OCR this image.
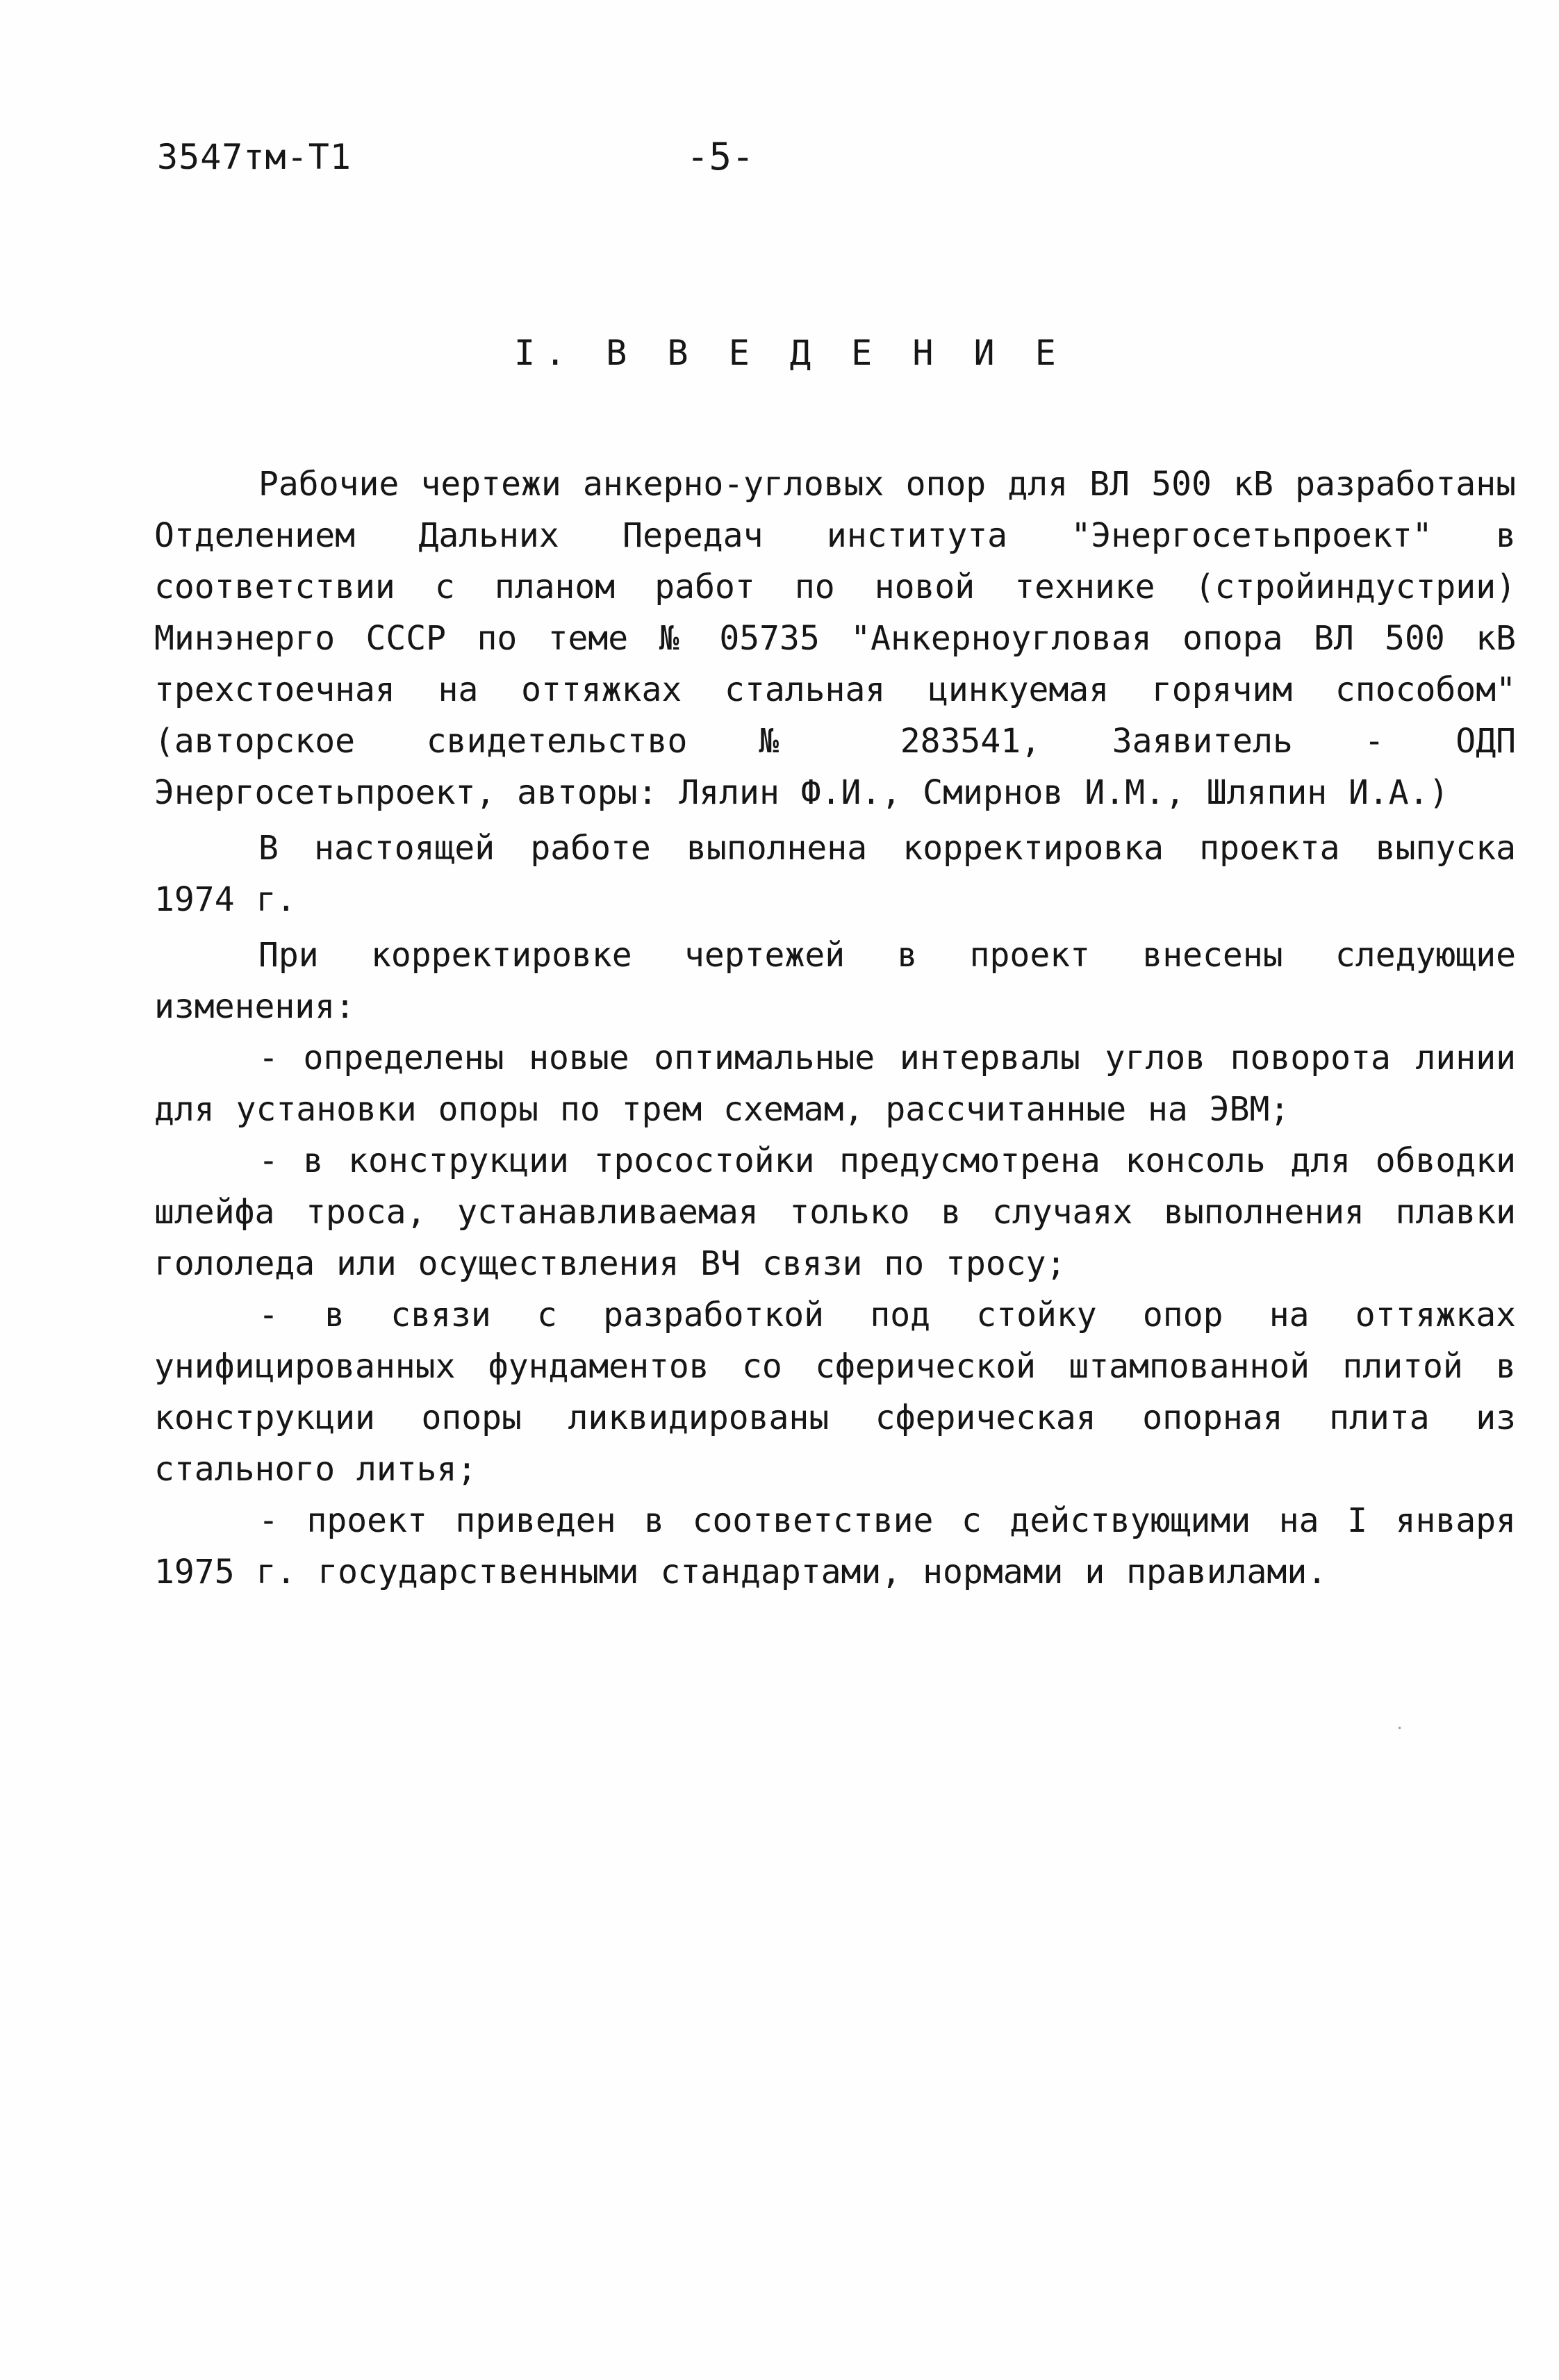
3547тм-Т1	-5-
I. В В Е Д Е Н И Е

Рабочие чертежи анкерно-угловых опор для ВЛ 500 кВ разработаны Отделением Дальних Передач института "Энергосетьпроект" в соответствии с планом работ по новой технике (стройиндустрии) Минэнерго СССР по теме № 05735 "Анкерноугловая опора ВЛ 500 кВ трехстоечная на оттяжках стальная цинкуемая горячим способом" (авторское свидетельство № 283541, Заявитель - ОДП Энергосетьпроект, авторы: Лялин Ф.И., Смирнов И.М., Шляпин И.А.)

В настоящей работе выполнена корректировка проекта выпуска 1974 г.

При корректировке чертежей в проект внесены следующие изменения:

- определены новые оптимальные интервалы углов поворота линии для установки опоры по трем схемам, рассчитанные на ЭВМ;

- в конструкции тросостойки предусмотрена консоль для обводки шлейфа троса, устанавливаемая только в случаях выполнения плавки гололеда или осуществления ВЧ связи по тросу;

- в связи с разработкой под стойку опор на оттяжках унифицированных фундаментов со сферической штампованной плитой в конструкции опоры ликвидированы сферическая опорная плита из стального литья;

- проект приведен в соответствие с действующими на I января 1975 г. государственными стандартами, нормами и правилами.

·
